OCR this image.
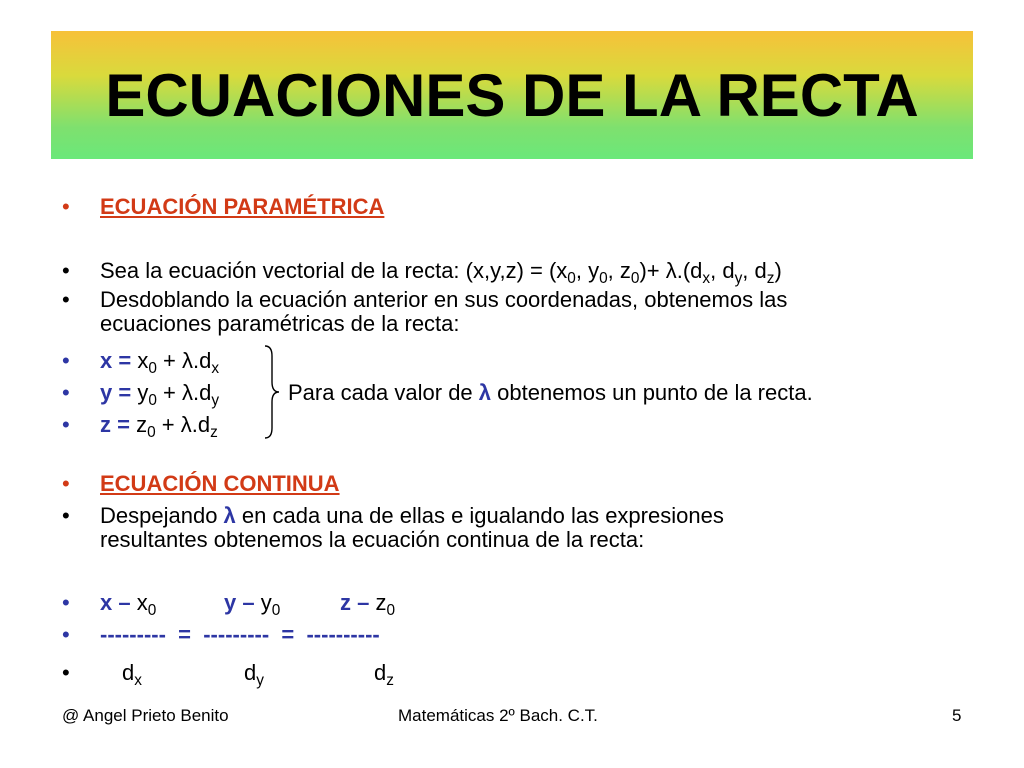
ECUACIONES DE LA RECTA
•	ECUACIÓN PARAMÉTRICA
•	Sea la ecuación vectorial de la recta: $(x,y,z) = (x_0$, $y_0$, $z_0)+ \lambda.(d_x$, $d_y$, $d_z$)
•	Desdoblando la ecuación anterior en sus coordenadas, obtenemos las
ecuaciones paramétricas de la recta:
•	$x = x_0 + \lambda.d_x$
•	$y = y_0 + \lambda.d_y$
•	$z = z_0 + \lambda.d_z$
Para cada valor de λ obtenemos un punto de la recta.
•	ECUACIÓN CONTINUA
•	Despejando λ en cada una de ellas e igualando las expresiones
resultantes obtenemos la ecuación continua de la recta:
•	x – $x_0$	y – $y_0$	z – $z_0$
•	---------  =  ---------  =  ----------
•	$d_x$	$d_y$	$d_z$
@ Angel Prieto Benito	Matemáticas 2º Bach. C.T.	5
